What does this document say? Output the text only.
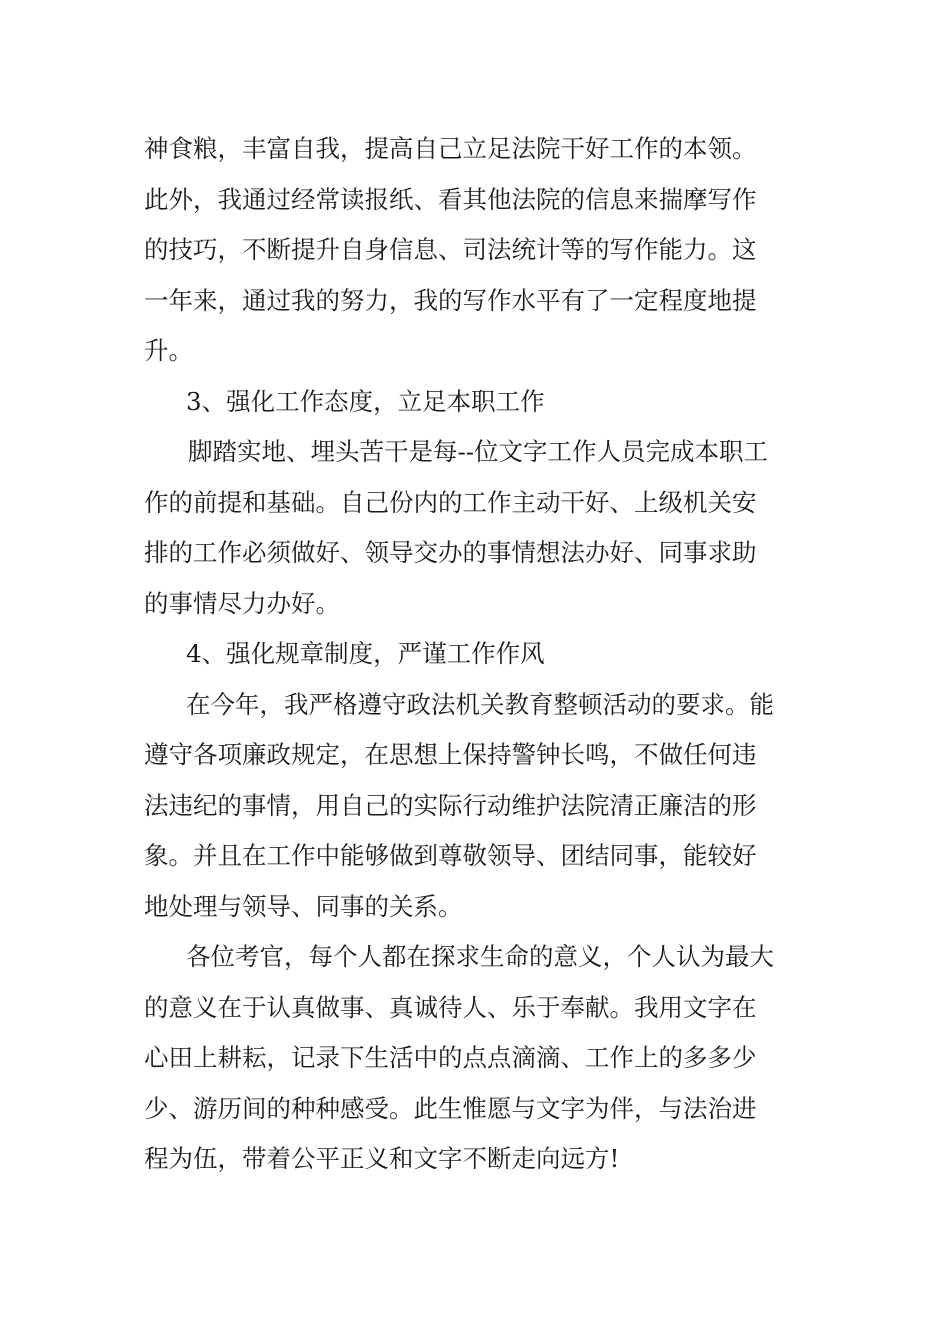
神食粮，丰富自我，提高自己立足法院干好工作的本领。
此外，我通过经常读报纸、看其他法院的信息来揣摩写作
的技巧，不断提升自身信息、司法统计等的写作能力。这
一年来，通过我的努力，我的写作水平有了一定程度地提
升。
3、强化工作态度，立足本职工作
脚踏实地、埋头苦干是每--位文字工作人员完成本职工
作的前提和基础。自己份内的工作主动干好、上级机关安
排的工作必须做好、领导交办的事情想法办好、同事求助
的事情尽力办好。
4、强化规章制度，严谨工作作风
在今年，我严格遵守政法机关教育整顿活动的要求。能
遵守各项廉政规定，在思想上保持警钟长鸣，不做任何违
法违纪的事情，用自己的实际行动维护法院清正廉洁的形
象。并且在工作中能够做到尊敬领导、团结同事，能较好
地处理与领导、同事的关系。
各位考官，每个人都在探求生命的意义，个人认为最大
的意义在于认真做事、真诚待人、乐于奉献。我用文字在
心田上耕耘，记录下生活中的点点滴滴、工作上的多多少
少、游历间的种种感受。此生惟愿与文字为伴，与法治进
程为伍，带着公平正义和文字不断走向远方!
